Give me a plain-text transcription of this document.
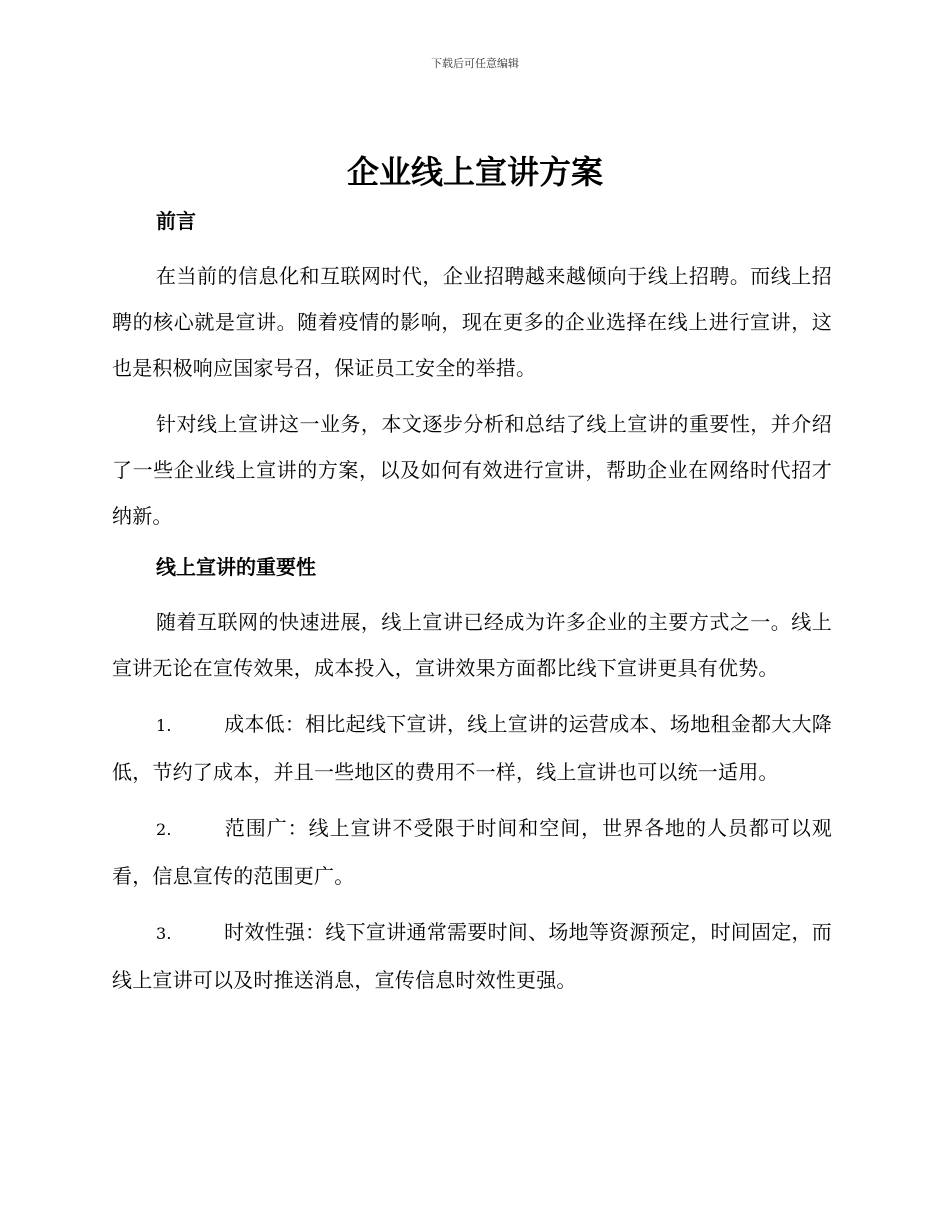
下载后可任意编辑
企业线上宣讲方案
前言

在当前的信息化和互联网时代，企业招聘越来越倾向于线上招聘。而线上招聘的核心就是宣讲。随着疫情的影响，现在更多的企业选择在线上进行宣讲，这也是积极响应国家号召，保证员工安全的举措。

针对线上宣讲这一业务，本文逐步分析和总结了线上宣讲的重要性，并介绍了一些企业线上宣讲的方案，以及如何有效进行宣讲，帮助企业在网络时代招才纳新。

线上宣讲的重要性

随着互联网的快速进展，线上宣讲已经成为许多企业的主要方式之一。线上宣讲无论在宣传效果，成本投入，宣讲效果方面都比线下宣讲更具有优势。

1.	成本低：相比起线下宣讲，线上宣讲的运营成本、场地租金都大大降低，节约了成本，并且一些地区的费用不一样，线上宣讲也可以统一适用。

2.	范围广：线上宣讲不受限于时间和空间，世界各地的人员都可以观看，信息宣传的范围更广。

3.	时效性强：线下宣讲通常需要时间、场地等资源预定，时间固定，而线上宣讲可以及时推送消息，宣传信息时效性更强。
